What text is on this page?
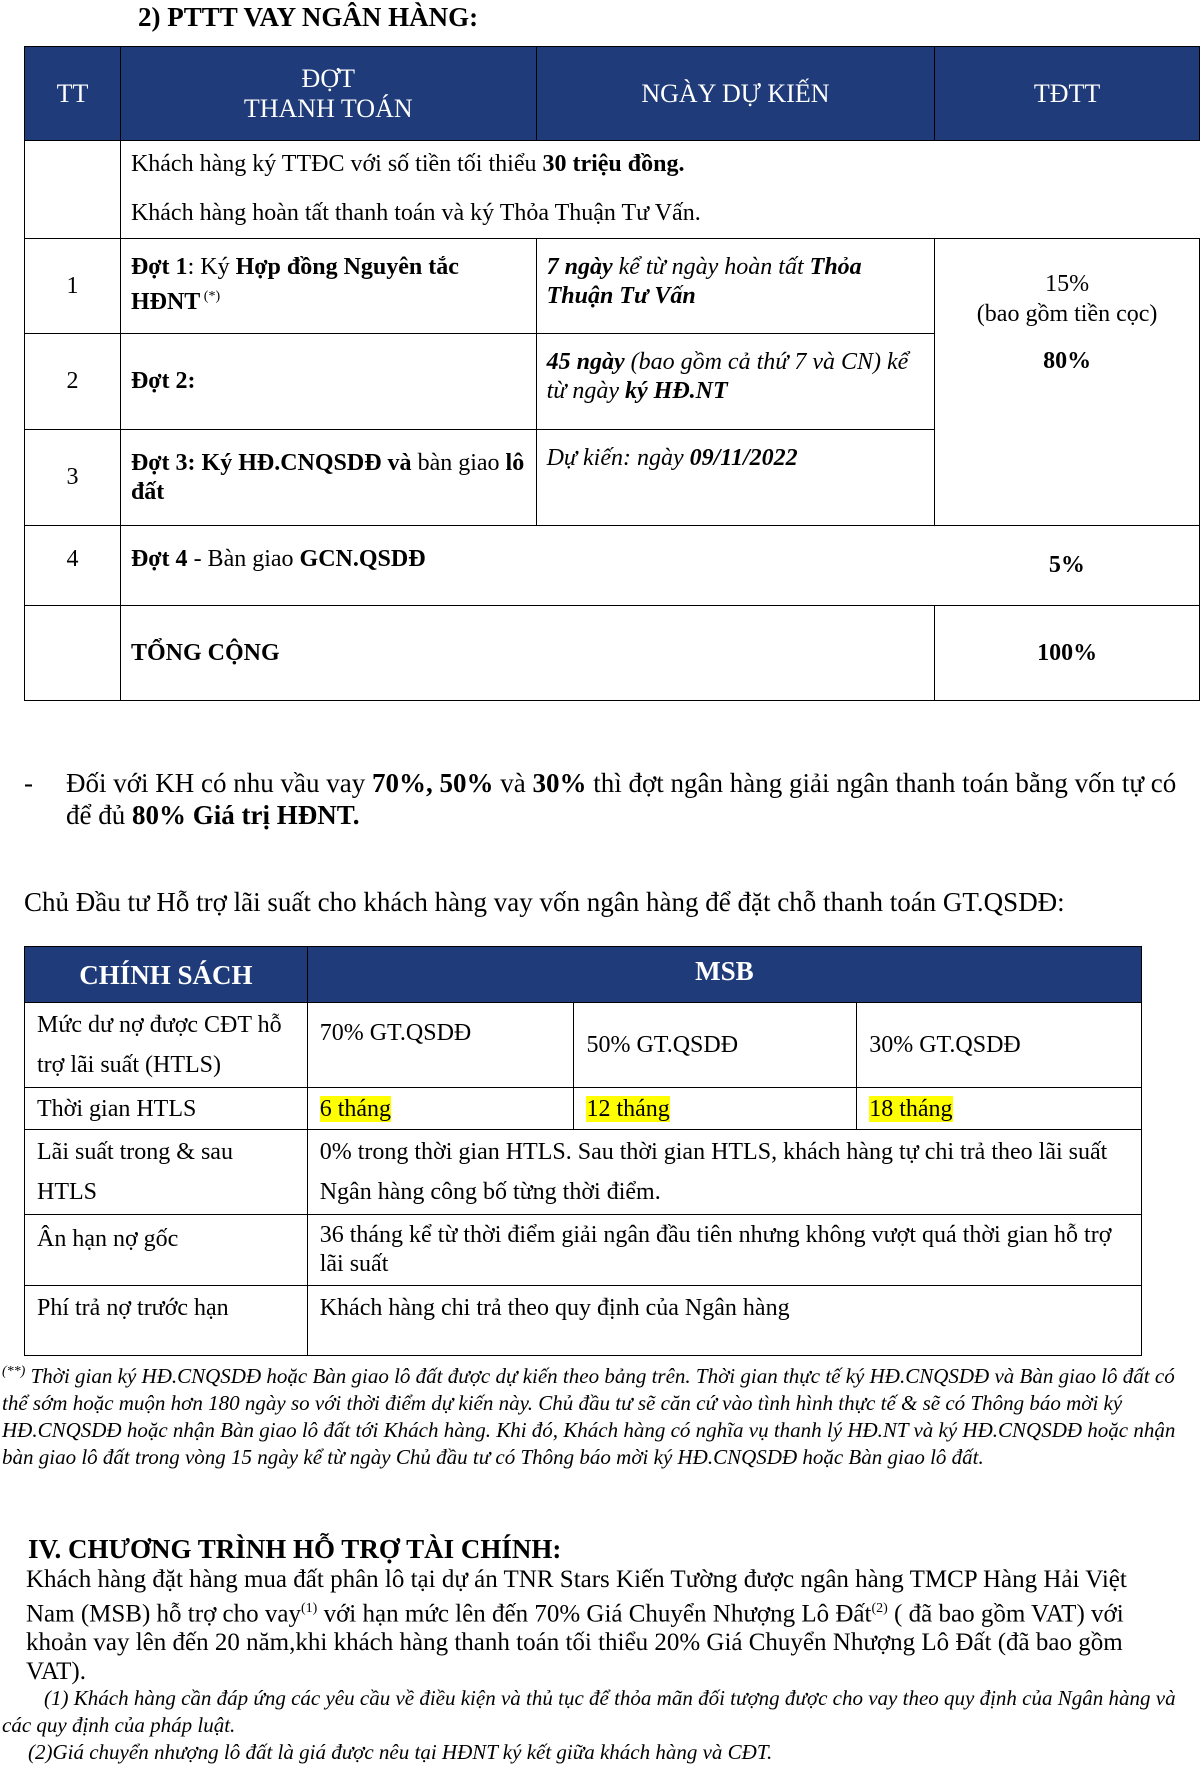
2) PTTT VAY NGÂN HÀNG:
TT	ĐỢT
THANH TOÁN	NGÀY DỰ KIẾN	TĐTT
	Khách hàng ký TTĐC với số tiền tối thiểu 30 triệu đồng.		
	Khách hàng hoàn tất thanh toán và ký Thỏa Thuận Tư Vấn.		
1	Đợt 1: Ký Hợp đồng Nguyên tắc HĐNT (*)	7 ngày kể từ ngày hoàn tất Thỏa Thuận Tư Vấn	15%
(bao gồm tiền cọc)
2	Đợt 2:	45 ngày (bao gồm cả thứ 7 và CN) kể từ ngày ký HĐ.NT	80%
3	Đợt 3: Ký HĐ.CNQSDĐ và bàn giao lô đất	Dự kiến: ngày 09/11/2022	
4	Đợt 4 - Bàn giao GCN.QSDĐ		5%
	TỔNG CỘNG		100%
- Đối với KH có nhu vầu vay 70%, 50% và 30% thì đợt ngân hàng giải ngân thanh toán bằng vốn tự có để đủ 80% Giá trị HĐNT.
Chủ Đầu tư Hỗ trợ lãi suất cho khách hàng vay vốn ngân hàng để đặt chỗ thanh toán GT.QSDĐ:
CHÍNH SÁCH	MSB		
Mức dư nợ được CĐT hỗ trợ lãi suất (HTLS)	70% GT.QSDĐ	50% GT.QSDĐ	30% GT.QSDĐ
Thời gian HTLS	6 tháng	12 tháng	18 tháng
Lãi suất trong & sau HTLS	0% trong thời gian HTLS. Sau thời gian HTLS, khách hàng tự chi trả theo lãi suất Ngân hàng công bố từng thời điểm.		
Ân hạn nợ gốc	36 tháng kể từ thời điểm giải ngân đầu tiên nhưng không vượt quá thời gian hỗ trợ lãi suất		
Phí trả nợ trước hạn	Khách hàng chi trả theo quy định của Ngân hàng		
(**) Thời gian ký HĐ.CNQSDĐ hoặc Bàn giao lô đất được dự kiến theo bảng trên. Thời gian thực tế ký HĐ.CNQSDĐ và Bàn giao lô đất có thể sớm hoặc muộn hơn 180 ngày so với thời điểm dự kiến này. Chủ đầu tư sẽ căn cứ vào tình hình thực tế & sẽ có Thông báo mời ký HĐ.CNQSDĐ hoặc nhận Bàn giao lô đất tới Khách hàng. Khi đó, Khách hàng có nghĩa vụ thanh lý HĐ.NT và ký HĐ.CNQSDĐ hoặc nhận bàn giao lô đất trong vòng 15 ngày kể từ ngày Chủ đầu tư có Thông báo mời ký HĐ.CNQSDĐ hoặc Bàn giao lô đất.
IV. CHƯƠNG TRÌNH HỖ TRỢ TÀI CHÍNH:
Khách hàng đặt hàng mua đất phân lô tại dự án TNR Stars Kiến Tường được ngân hàng TMCP Hàng Hải Việt Nam (MSB) hỗ trợ cho vay$^{(1)}$ với hạn mức lên đến 70% Giá Chuyển Nhượng Lô Đất$^{(2)}$ ( đã bao gồm VAT) với khoản vay lên đến 20 năm,khi khách hàng thanh toán tối thiểu 20% Giá Chuyển Nhượng Lô Đất (đã bao gồm VAT).
(1) Khách hàng cần đáp ứng các yêu cầu về điều kiện và thủ tục để thỏa mãn đối tượng được cho vay theo quy định của Ngân hàng và các quy định của pháp luật.
(2)Giá chuyển nhượng lô đất là giá được nêu tại HĐNT ký kết giữa khách hàng và CĐT.
